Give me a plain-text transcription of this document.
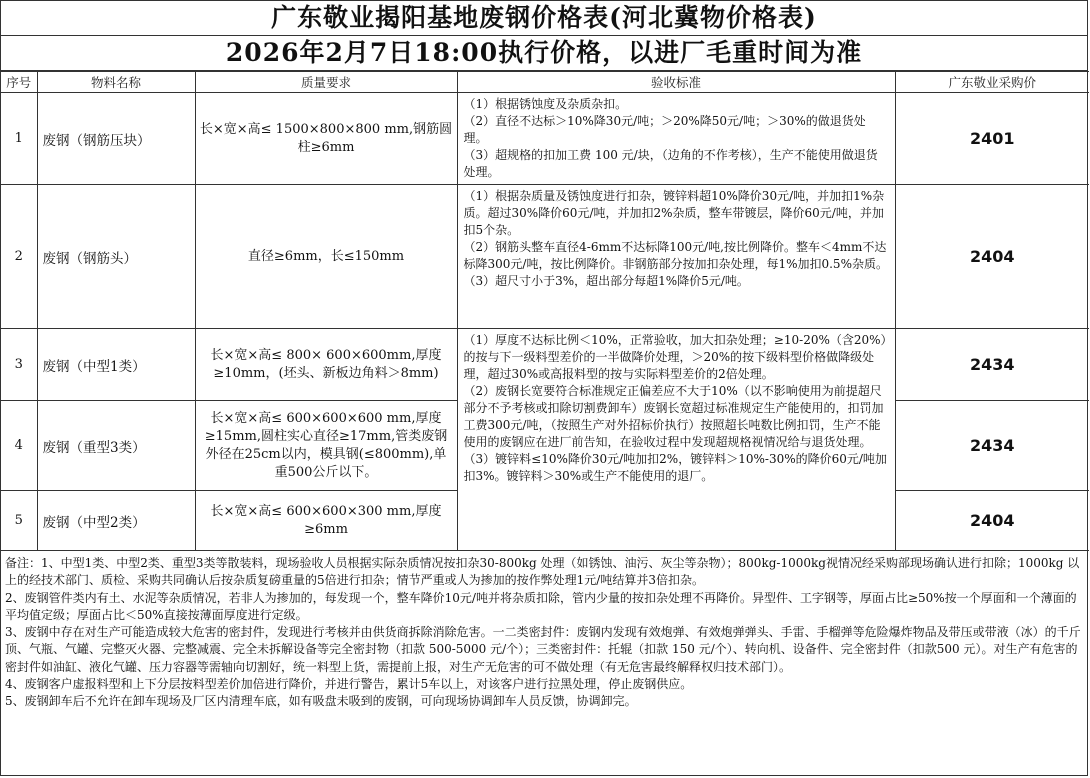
广东敬业揭阳基地废钢价格表(河北冀物价格表)
2026年2月7日18:00执行价格，以进厂毛重时间为准
序号	物料名称	质量要求	验收标准	广东敬业采购价
1	废钢（钢筋压块）	长×宽×高≤ 1500×800×800 mm,钢筋圆柱≥6mm	（1）根据锈蚀度及杂质杂扣。
（2）直径不达标＞10%降30元/吨；＞20%降50元/吨；＞30%的做退货处理。
（3）超规格的扣加工费 100 元/块，（边角的不作考核），生产不能使用做退货处理。	2401
2	废钢（钢筋头）	直径≥6mm，长≤150mm	（1）根据杂质量及锈蚀度进行扣杂，镀锌料超10%降价30元/吨，并加扣1%杂质。超过30%降价60元/吨，并加扣2%杂质，整车带镀层，降价60元/吨，并加扣5个杂。
（2）钢筋头整车直径4-6mm不达标降100元/吨,按比例降价。整车＜4mm不达标降300元/吨，按比例降价。非钢筋部分按加扣杂处理，每1%加扣0.5%杂质。
（3）超尺寸小于3%，超出部分每超1%降价5元/吨。	2404
3	废钢（中型1类）	长×宽×高≤ 800× 600×600mm,厚度≥10mm，(坯头、新板边角料＞8mm)	（1）厚度不达标比例＜10%，正常验收，加大扣杂处理；≥10-20%（含20%）的按与下一级料型差价的一半做降价处理，＞20%的按下级料型价格做降级处理，超过30%或高报料型的按与实际料型差价的2倍处理。
（2）废钢长宽要符合标准规定正偏差应不大于10%（以不影响使用为前提超尺部分不予考核或扣除切割费卸车）废钢长宽超过标准规定生产能使用的，扣罚加工费300元/吨，（按照生产对外招标价执行）按照超长吨数比例扣罚，生产不能使用的废钢应在进厂前告知，在验收过程中发现超规格视情况给与退货处理。 （3）镀锌料≤10%降价30元/吨加扣2%，镀锌料＞10%-30%的降价60元/吨加扣3%。镀锌料＞30%或生产不能使用的退厂。	2434
4	废钢（重型3类）	长×宽×高≤ 600×600×600 mm,厚度≥15mm,圆柱实心直径≥17mm,管类废钢外径在25cm以内，模具钢(≤800mm),单重500公斤以下。		2434
5	废钢（中型2类）	长×宽×高≤ 600×600×300 mm,厚度≥6mm		2404

备注：1、中型1类、中型2类、重型3类等散装料，现场验收人员根据实际杂质情况按扣杂30-800kg 处理（如锈蚀、油污、灰尘等杂物）；800kg-1000kg视情况经采购部现场确认进行扣除；1000kg 以上的经技术部门、质检、采购共同确认后按杂质复磅重量的5倍进行扣杂；情节严重或人为掺加的按作弊处理1元/吨结算并3倍扣杂。

2、废钢管件类内有土、水泥等杂质情况，若非人为掺加的，每发现一个，整车降价10元/吨并将杂质扣除，管内少量的按扣杂处理不再降价。异型件、工字钢等，厚面占比≥50%按一个厚面和一个薄面的平均值定级；厚面占比＜50%直接按薄面厚度进行定级。

3、废钢中存在对生产可能造成较大危害的密封件，发现进行考核并由供货商拆除消除危害。一二类密封件：废钢内发现有效炮弹、有效炮弹弹头、手雷、手榴弹等危险爆炸物品及带压或带液（冰）的千斤顶、气瓶、气罐、完整灭火器、完整减震、完全未拆解设备等完全密封物（扣款 500-5000 元/个）；三类密封件：托辊（扣款 150 元/个）、转向机、设备件、完全密封件（扣款500 元）。对生产有危害的密封件如油缸、液化气罐、压力容器等需轴向切割好，统一料型上货，需提前上报，对生产无危害的可不做处理（有无危害最终解释权归技术部门）。

4、废钢客户虚报料型和上下分层按料型差价加倍进行降价，并进行警告，累计5车以上，对该客户进行拉黑处理，停止废钢供应。

5、废钢卸车后不允许在卸车现场及厂区内清理车底，如有吸盘未吸到的废钢，可向现场协调卸车人员反馈，协调卸完。
